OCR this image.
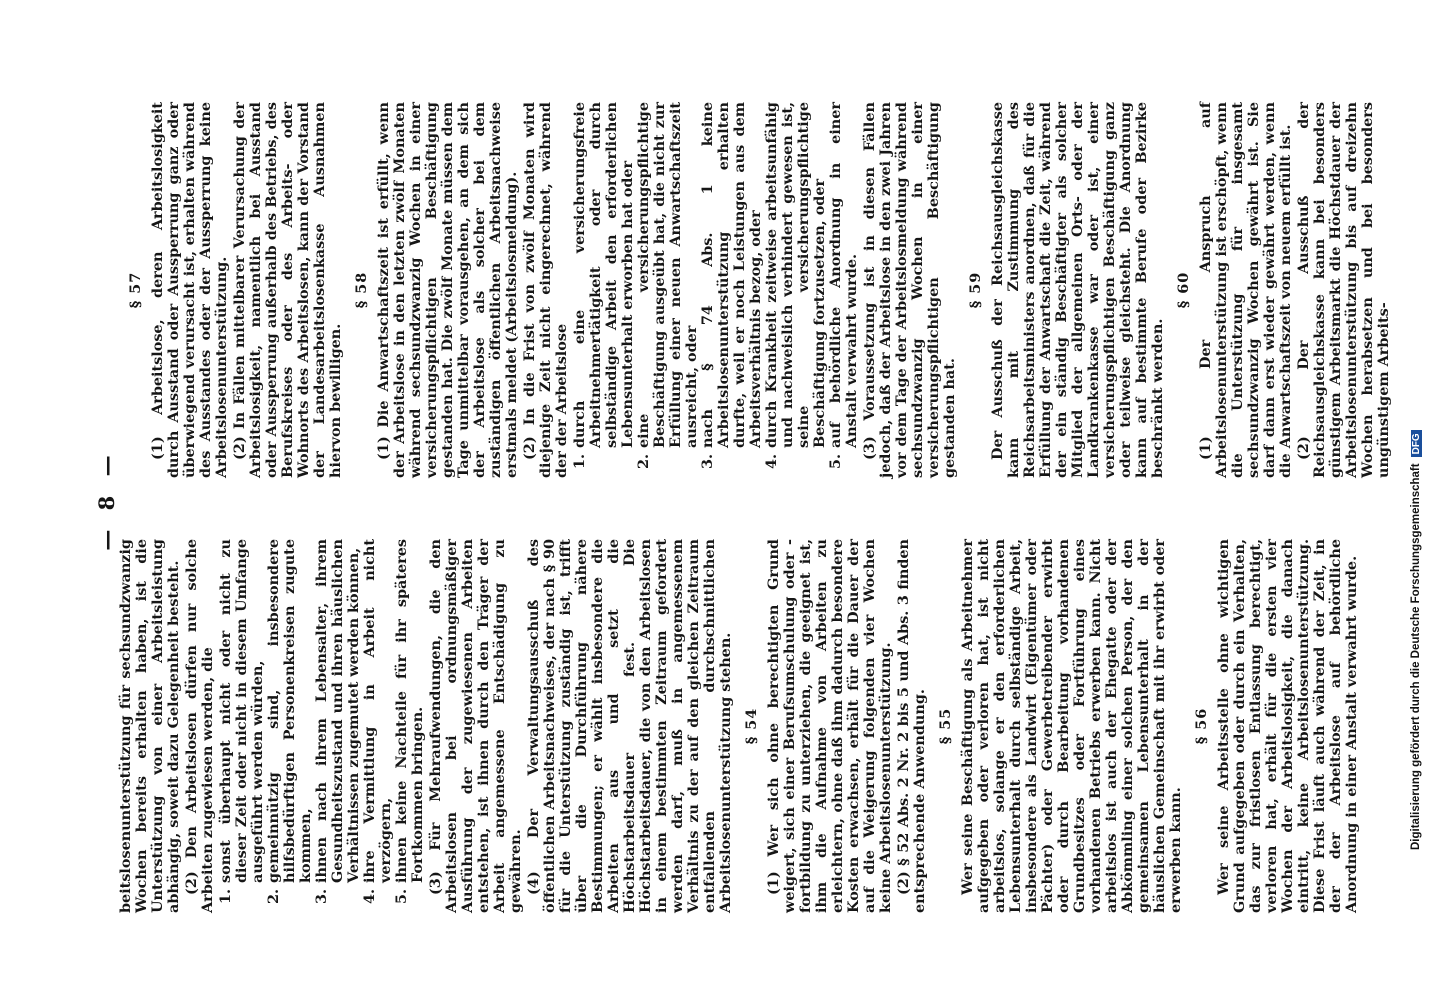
— 8 —

beitslosenunterstützung für sechsundzwanzig Wochen bereits erhalten haben, ist die Unterstützung von einer Arbeitsleistung abhängig, soweit dazu Gelegenheit besteht. (2) Den Arbeitslosen dürfen nur solche Arbeiten zugewiesen werden, die 1.
sonst überhaupt nicht oder nicht zu dieser Zeit oder nicht in diesem Umfange ausgeführt werden würden,
2.
gemeinnützig sind, insbesondere hilfsbedürftigen Personenkreisen zugute kommen,
3.
ihnen nach ihrem Lebensalter, ihrem Gesundheitszustand und ihren häuslichen Verhältnissen zugemutet werden können,
4.
ihre Vermittlung in Arbeit nicht verzögern,
5.
ihnen keine Nachteile für ihr späteres Fortkommen bringen. (3) Für Mehraufwendungen, die den Arbeitslosen bei ordnungsmäßiger Ausführung der zugewiesenen Arbeiten entstehen, ist ihnen durch den Träger der Arbeit angemessene Entschädigung zu gewähren. (4) Der Verwaltungsausschuß des öffentlichen Arbeitsnachweises, der nach § 90 für die Unterstützung zuständig ist, trifft über die Durchführung nähere Bestimmungen; er wählt insbesondere die Arbeiten aus und setzt die Höchstarbeitsdauer fest. Die Höchstarbeitsdauer, die von den Arbeitslosen in einem bestimmten Zeitraum gefordert werden darf, muß in angemessenem Verhältnis zu der auf den gleichen Zeitraum entfallenden durchschnittlichen Arbeitslosenunterstützung stehen. § 54 (1) Wer sich ohne berechtigten Grund weigert, sich einer Berufsumschulung oder -fortbildung zu unterziehen, die geeignet ist, ihm die Aufnahme von Arbeiten zu erleichtern, ohne daß ihm dadurch besondere Kosten erwachsen, erhält für die Dauer der auf die Weigerung folgenden vier Wochen keine Arbeitslosenunterstützung. (2) § 52 Abs. 2 Nr. 2 bis 5 und Abs. 3 finden entsprechende Anwendung. § 55 Wer seine Beschäftigung als Arbeitnehmer aufgegeben oder verloren hat, ist nicht arbeitslos, solange er den erforderlichen Lebensunterhalt durch selbständige Arbeit, insbesondere als Landwirt (Eigentümer oder Pächter) oder Gewerbetreibender erwirbt oder durch Bearbeitung vorhandenen Grundbesitzes oder Fortführung eines vorhandenen Betriebs erwerben kann. Nicht arbeitslos ist auch der Ehegatte oder der Abkömmling einer solchen Person, der den gemeinsamen Lebensunterhalt in der häuslichen Gemeinschaft mit ihr erwirbt oder erwerben kann.

§ 56 Wer seine Arbeitsstelle ohne wichtigen Grund aufgegeben oder durch ein Verhalten, das zur fristlosen Entlassung berechtigt, verloren hat, erhält für die ersten vier Wochen der Arbeitslosigkeit, die danach eintritt, keine Arbeitslosenunterstützung. Diese Frist läuft auch während der Zeit, in der der Arbeitslose auf behördliche Anordnung in einer Anstalt verwahrt wurde.

§ 57 (1) Arbeitslose, deren Arbeitslosigkeit durch Ausstand oder Aussperrung ganz oder überwiegend verursacht ist, erhalten während des Ausstandes oder der Aussperrung keine Arbeitslosenunterstützung. (2) In Fällen mittelbarer Verursachung der Arbeitslosigkeit, namentlich bei Ausstand oder Aussperrung außerhalb des Betriebs, des Berufskreises oder des Arbeits- oder Wohnorts des Arbeitslosen, kann der Vorstand der Landesarbeitslosenkasse Ausnahmen hiervon bewilligen.

§ 58 (1) Die Anwartschaftszeit ist erfüllt, wenn der Arbeitslose in den letzten zwölf Monaten während sechsundzwanzig Wochen in einer versicherungspflichtigen Beschäftigung gestanden hat. Die zwölf Monate müssen dem Tage unmittelbar vorausgehen, an dem sich der Arbeitslose als solcher bei dem zuständigen öffentlichen Arbeitsnachweise erstmals meldet (Arbeitslosmeldung). (2) In die Frist von zwölf Monaten wird diejenige Zeit nicht eingerechnet, während der der Arbeitslose 1.
durch eine versicherungsfreie Arbeitnehmertätigkeit oder durch selbständige Arbeit den erforderlichen Lebensunterhalt erworben hat oder
2.
eine versicherungspflichtige Beschäftigung ausgeübt hat, die nicht zur Erfüllung einer neuen Anwartschaftszeit ausreicht, oder
3.
nach § 74 Abs. 1 keine Arbeitslosenunterstützung erhalten durfte, weil er noch Leistungen aus dem Arbeitsverhältnis bezog, oder
4.
durch Krankheit zeitweise arbeitsunfähig und nachweislich verhindert gewesen ist, seine versicherungspflichtige Beschäftigung fortzusetzen, oder
5.
auf behördliche Anordnung in einer Anstalt verwahrt wurde. (3) Voraussetzung ist in diesen Fällen jedoch, daß der Arbeitslose in den zwei Jahren vor dem Tage der Arbeitslosmeldung während sechsundzwanzig Wochen in einer versicherungspflichtigen Beschäftigung gestanden hat.

§ 59 Der Ausschuß der Reichsausgleichskasse kann mit Zustimmung des Reichsarbeitsministers anordnen, daß für die Erfüllung der Anwartschaft die Zeit, während der ein ständig Beschäftigter als solcher Mitglied der allgemeinen Orts- oder der Landkrankenkasse war oder ist, einer versicherungspflichtigen Beschäftigung ganz oder teilweise gleichsteht. Die Anordnung kann auf bestimmte Berufe oder Bezirke beschränkt werden.

§ 60 (1) Der Anspruch auf Arbeitslosenunterstützung ist erschöpft, wenn die Unterstützung für insgesamt sechsundzwanzig Wochen gewährt ist. Sie darf dann erst wieder gewährt werden, wenn die Anwartschaftszeit von neuem erfüllt ist. (2) Der Ausschuß der Reichsausgleichskasse kann bei besonders günstigem Arbeitsmarkt die Höchstdauer der Arbeitslosenunterstützung bis auf dreizehn Wochen herabsetzen und bei besonders ungünstigem Arbeits-

Digitalisierung gefördert durch die Deutsche ForschungsgemeinschaftDFG
